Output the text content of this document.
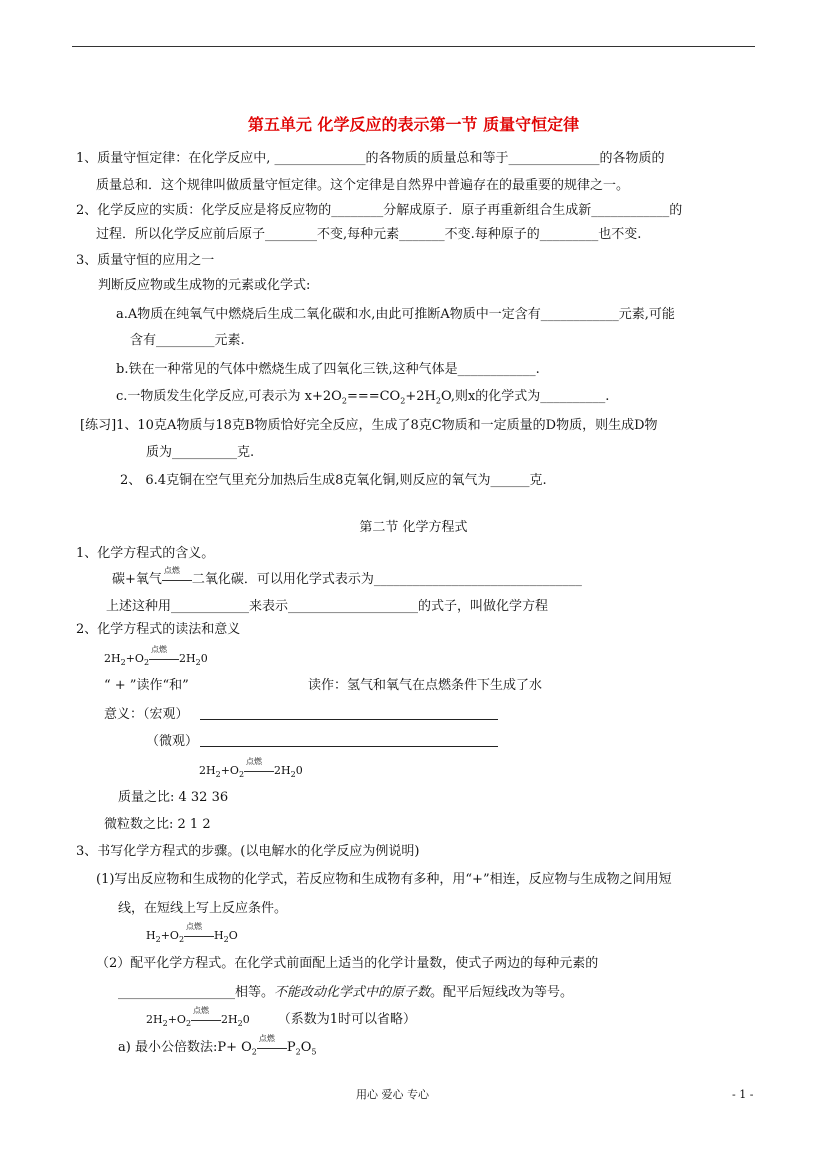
第五单元 化学反应的表示第一节 质量守恒定律
1、质量守恒定律：在化学反应中, ______________的各物质的质量总和等于______________的各物质的
质量总和．这个规律叫做质量守恒定律。这个定律是自然界中普遍存在的最重要的规律之一。
2、化学反应的实质：化学反应是将反应物的________分解成原子．原子再重新组合生成新____________的
过程．所以化学反应前后原子________不变,每种元素_______不变.每种原子的_________也不变.
3、质量守恒的应用之一
判断反应物或生成物的元素或化学式:
a.A物质在纯氧气中燃烧后生成二氧化碳和水,由此可推断A物质中一定含有____________元素,可能
含有_________元素.
b.铁在一种常见的气体中燃烧生成了四氧化三铁,这种气体是____________.
c.一物质发生化学反应,可表示为 $x+2O_2===CO_2+2H_2O$,则x的化学式为__________.
[练习]1、10克A物质与18克B物质恰好完全反应，生成了8克C物质和一定质量的D物质，则生成D物
质为__________克.
2、 6.4克铜在空气里充分加热后生成8克氧化铜,则反应的氧气为______克.
第二节 化学方程式
1、化学方程式的含义。
碳+氧气
点燃
二氧化碳．可以用化学式表示为________________________________
上述这种用____________来表示____________________的式子，叫做化学方程
2、化学方程式的读法和意义
$2H_2+O_2$
点燃
$2H_20$
“ + ”读作“和”	读作：氢气和氧气在点燃条件下生成了水
意义：（宏观）
（微观）
$2H_2+O_2$
点燃
$2H_20$
质量之比: 4 32 36
微粒数之比: 2 1 2
3、书写化学方程式的步骤。(以电解水的化学反应为例说明)
(1)写出反应物和生成物的化学式，若反应物和生成物有多种，用“+”相连，反应物与生成物之间用短
线，在短线上写上反应条件。
$H_2+O_2$
点燃
$H_2O$
（2）配平化学方程式。在化学式前面配上适当的化学计量数，使式子两边的每种元素的
__________________相等。不能改动化学式中的原子数。配平后短线改为等号。
$2H_2+O_2$
点燃
$2H_20$ （系数为1时可以省略）
a) 最小公倍数法:P+ $O_2$
点燃
$P_2O_5$
用心 爱心 专心	- 1 -
